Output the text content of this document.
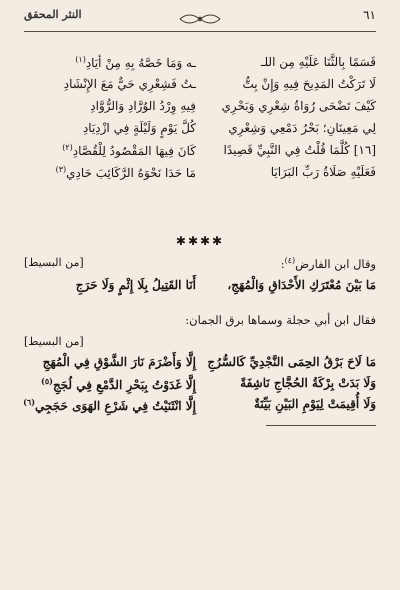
٦١
النثر المحقق
قَسَمًا بِالثَّنَا عَلَيْهِ مِن اللـ
ـه وَمَا خَصَّهُ بِهِ مِنْ أيَادِ$^{(١)}$
لَا تَرَكْتُ المَدِيحَ فِيهِ وَإِنْ بِتُّ
ـتُ فَشِعْرِي حَيٌّ مَعَ الإِنْشَادِ
كَيْفَ تَضْحَى رُوَاةُ شِعْرِي وَبَحْرِي
فِيهِ وِرْدُ الوُرَّادِ وَالرُّوَّادِ
لِي مَعِينَانِ؛ بَحْرُ دَمْعِي وَشِعْرِي
كُلَّ يَوْمٍ وَلَيْلَةٍ فِي ازْدِيَادِ
[١٦] كُلَّمَا قُلْتُ فِي النَّبِيِّ قَصِيدًا
كَانَ فِيهَا المَقْصُودُ لِلْقُصَّادِ$^{(٢)}$
فَعَلَيْهِ صَلَاةُ رَبِّ البَرَايَا
مَا حَدَا نَحْوَهُ الرَّكَائِبَ حَادِي$^{(٣)}$
✱✱✱✱
وقال ابن الفارض$^{(٤)}$:
[من البسيط]
مَا بَيْنَ مُعْتَرَكِ الأَحْدَاقِ وَالْمُهَجِ،
أَنَا القَتِيلُ بِلَا إِثْمٍ وَلَا حَرَجِ
فقال ابن أبي حجلة وسماها برق الجمان:
[من البسيط]
مَا لَاحَ بَرْقُ الحِمَى النَّجْدِيِّ كَالسُّرُجِ
إِلَّا وَأَضْرَمَ نَارَ الشَّوْقِ فِي الْمُهَجِ
وَلَا بَدَتْ بِرْكَةُ الحُجَّاجِ نَاشِفَةً
إِلَّا غَدَوْتُ بِبَحْرِ الدَّمْعِ فِي لُجَجِ$^{(٥)}$
وَلَا أُقِيمَتْ لِيَوْمِ البَيْنِ بَيِّنَةٌ
إِلَّا انْثَنَيْتُ فِي شَرْعِ الهَوَى حَجَجِي$^{(٦)}$
